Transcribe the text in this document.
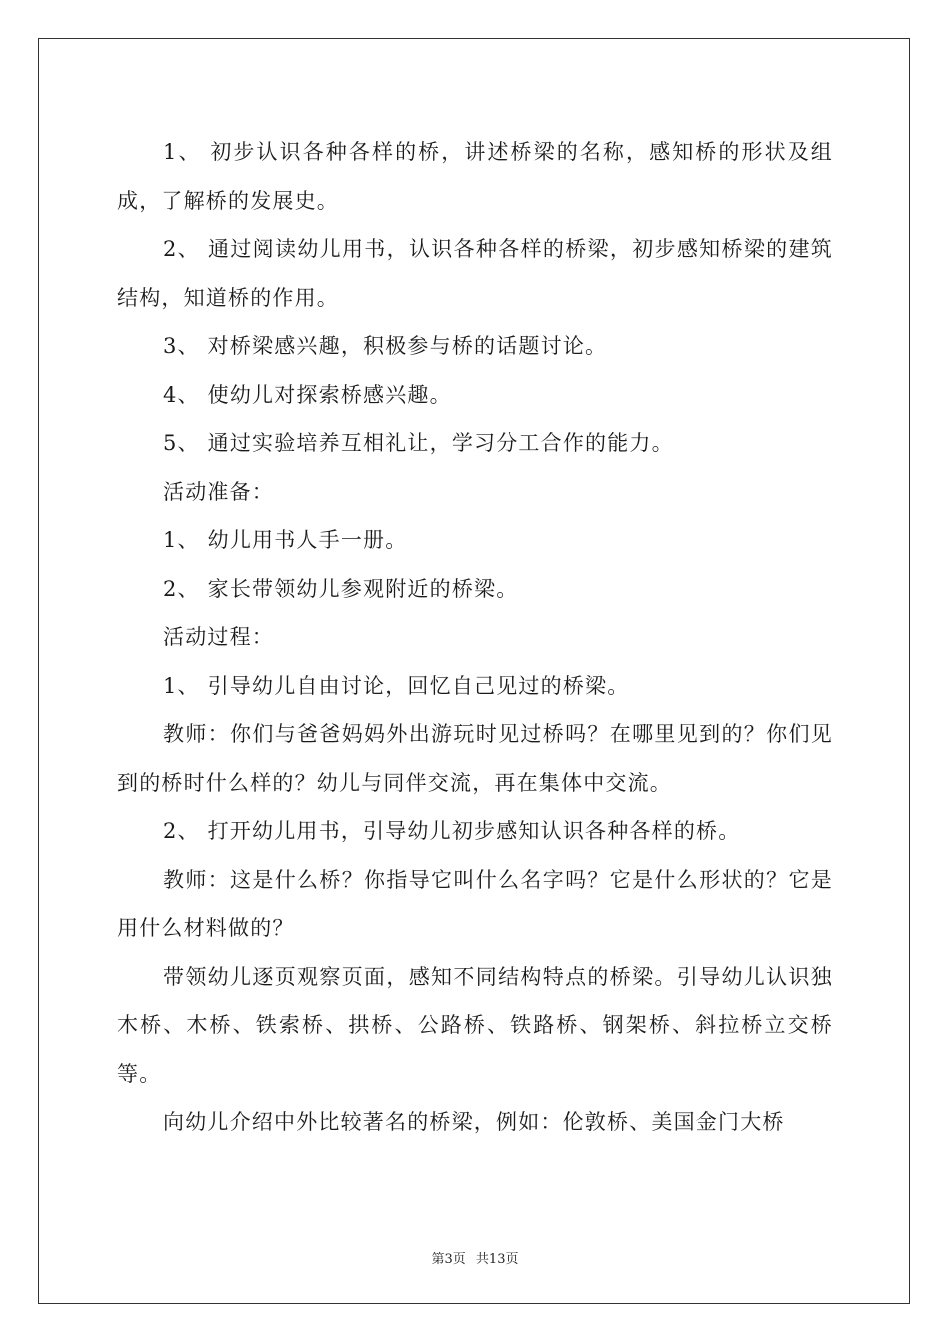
1、 初步认识各种各样的桥，讲述桥梁的名称，感知桥的形状及组成，了解桥的发展史。

2、 通过阅读幼儿用书，认识各种各样的桥梁，初步感知桥梁的建筑结构，知道桥的作用。

3、 对桥梁感兴趣，积极参与桥的话题讨论。

4、 使幼儿对探索桥感兴趣。

5、 通过实验培养互相礼让，学习分工合作的能力。

活动准备：

1、 幼儿用书人手一册。

2、 家长带领幼儿参观附近的桥梁。

活动过程：

1、 引导幼儿自由讨论，回忆自己见过的桥梁。

教师：你们与爸爸妈妈外出游玩时见过桥吗？在哪里见到的？你们见到的桥时什么样的？幼儿与同伴交流，再在集体中交流。

2、 打开幼儿用书，引导幼儿初步感知认识各种各样的桥。

教师：这是什么桥？你指导它叫什么名字吗？它是什么形状的？它是用什么材料做的？

带领幼儿逐页观察页面，感知不同结构特点的桥梁。引导幼儿认识独木桥、木桥、铁索桥、拱桥、公路桥、铁路桥、钢架桥、斜拉桥立交桥等。

向幼儿介绍中外比较著名的桥梁，例如：伦敦桥、美国金门大桥

第3页 共13页
